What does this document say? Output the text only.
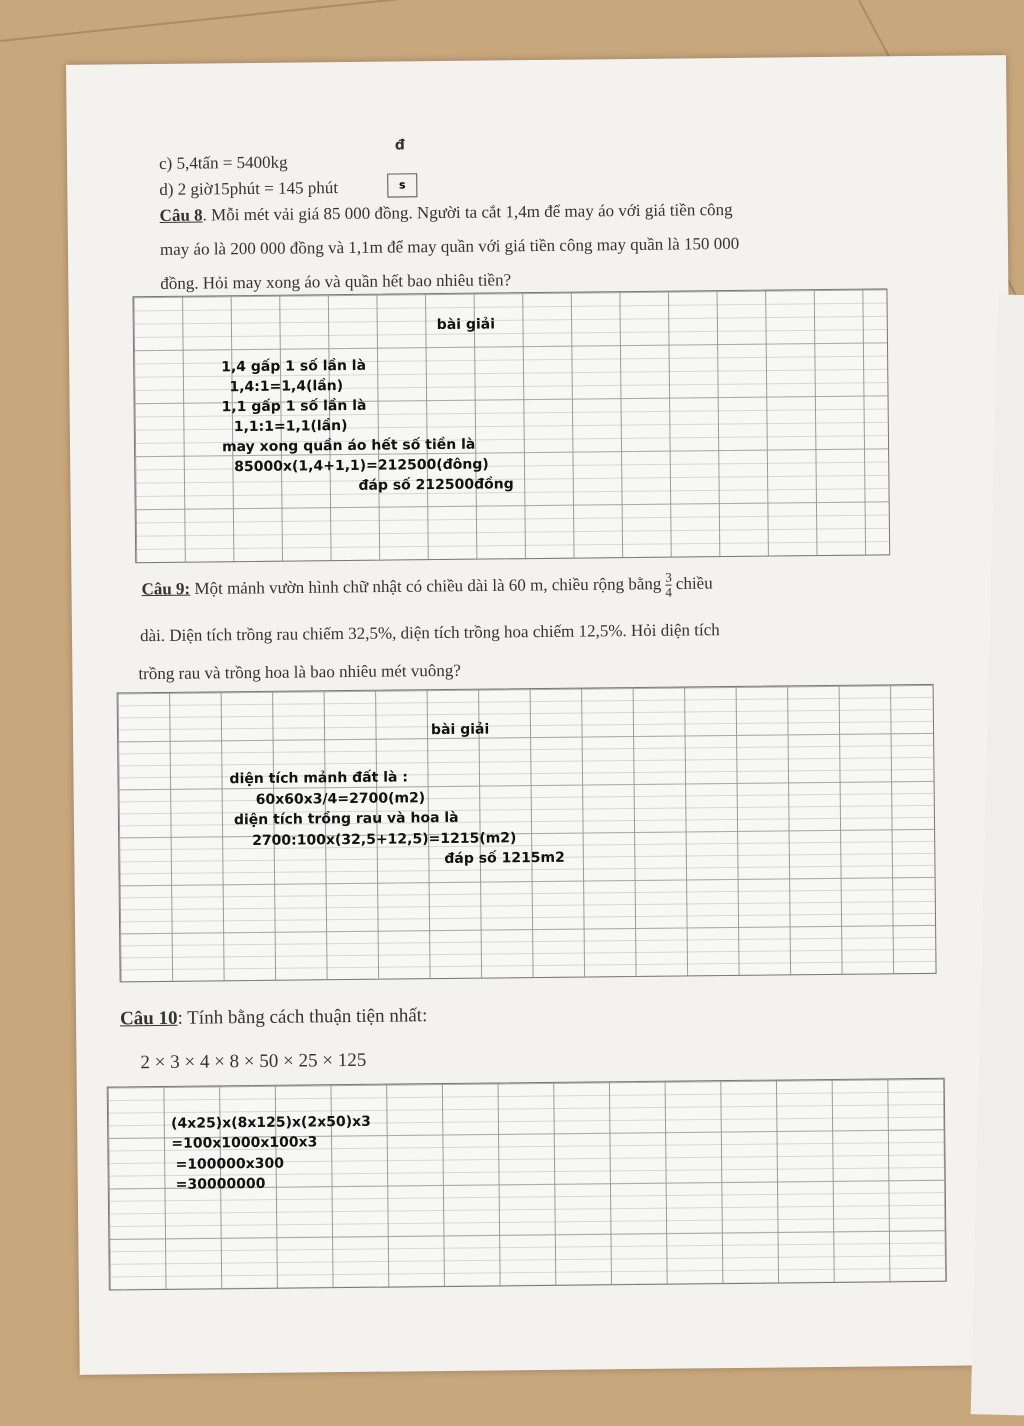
c) 5,4tấn = 5400kg
đ
d) 2 giờ15phút = 145 phút	s
Câu 8. Mỗi mét vải giá 85 000 đồng. Người ta cắt 1,4m để may áo với giá tiền công
may áo là 200 000 đồng và 1,1m để may quần với giá tiền công may quần là 150 000
đồng. Hỏi may xong áo và quần hết bao nhiêu tiền?
bài giải
1,4 gấp 1 số lần là
1,4:1=1,4(lần)
1,1 gấp 1 số lần là
1,1:1=1,1(lần)
may xong quần áo hết số tiền là
85000x(1,4+1,1)=212500(đông)
đáp số 212500đồng
Câu 9: Một mảnh vườn hình chữ nhật có chiều dài là 60 m, chiều rộng bằng $\frac{3}{4}$ chiều
dài. Diện tích trồng rau chiếm 32,5%, diện tích trồng hoa chiếm 12,5%. Hỏi diện tích
trồng rau và trồng hoa là bao nhiêu mét vuông?
bài giải
diện tích mảnh đất là :
60x60x3/4=2700(m2)
diện tích trồng rau và hoa là
2700:100x(32,5+12,5)=1215(m2)
đáp số 1215m2
Câu 10: Tính bằng cách thuận tiện nhất:
2 × 3 × 4 × 8 × 50 × 25 × 125
(4x25)x(8x125)x(2x50)x3
=100x1000x100x3
=100000x300
=30000000
